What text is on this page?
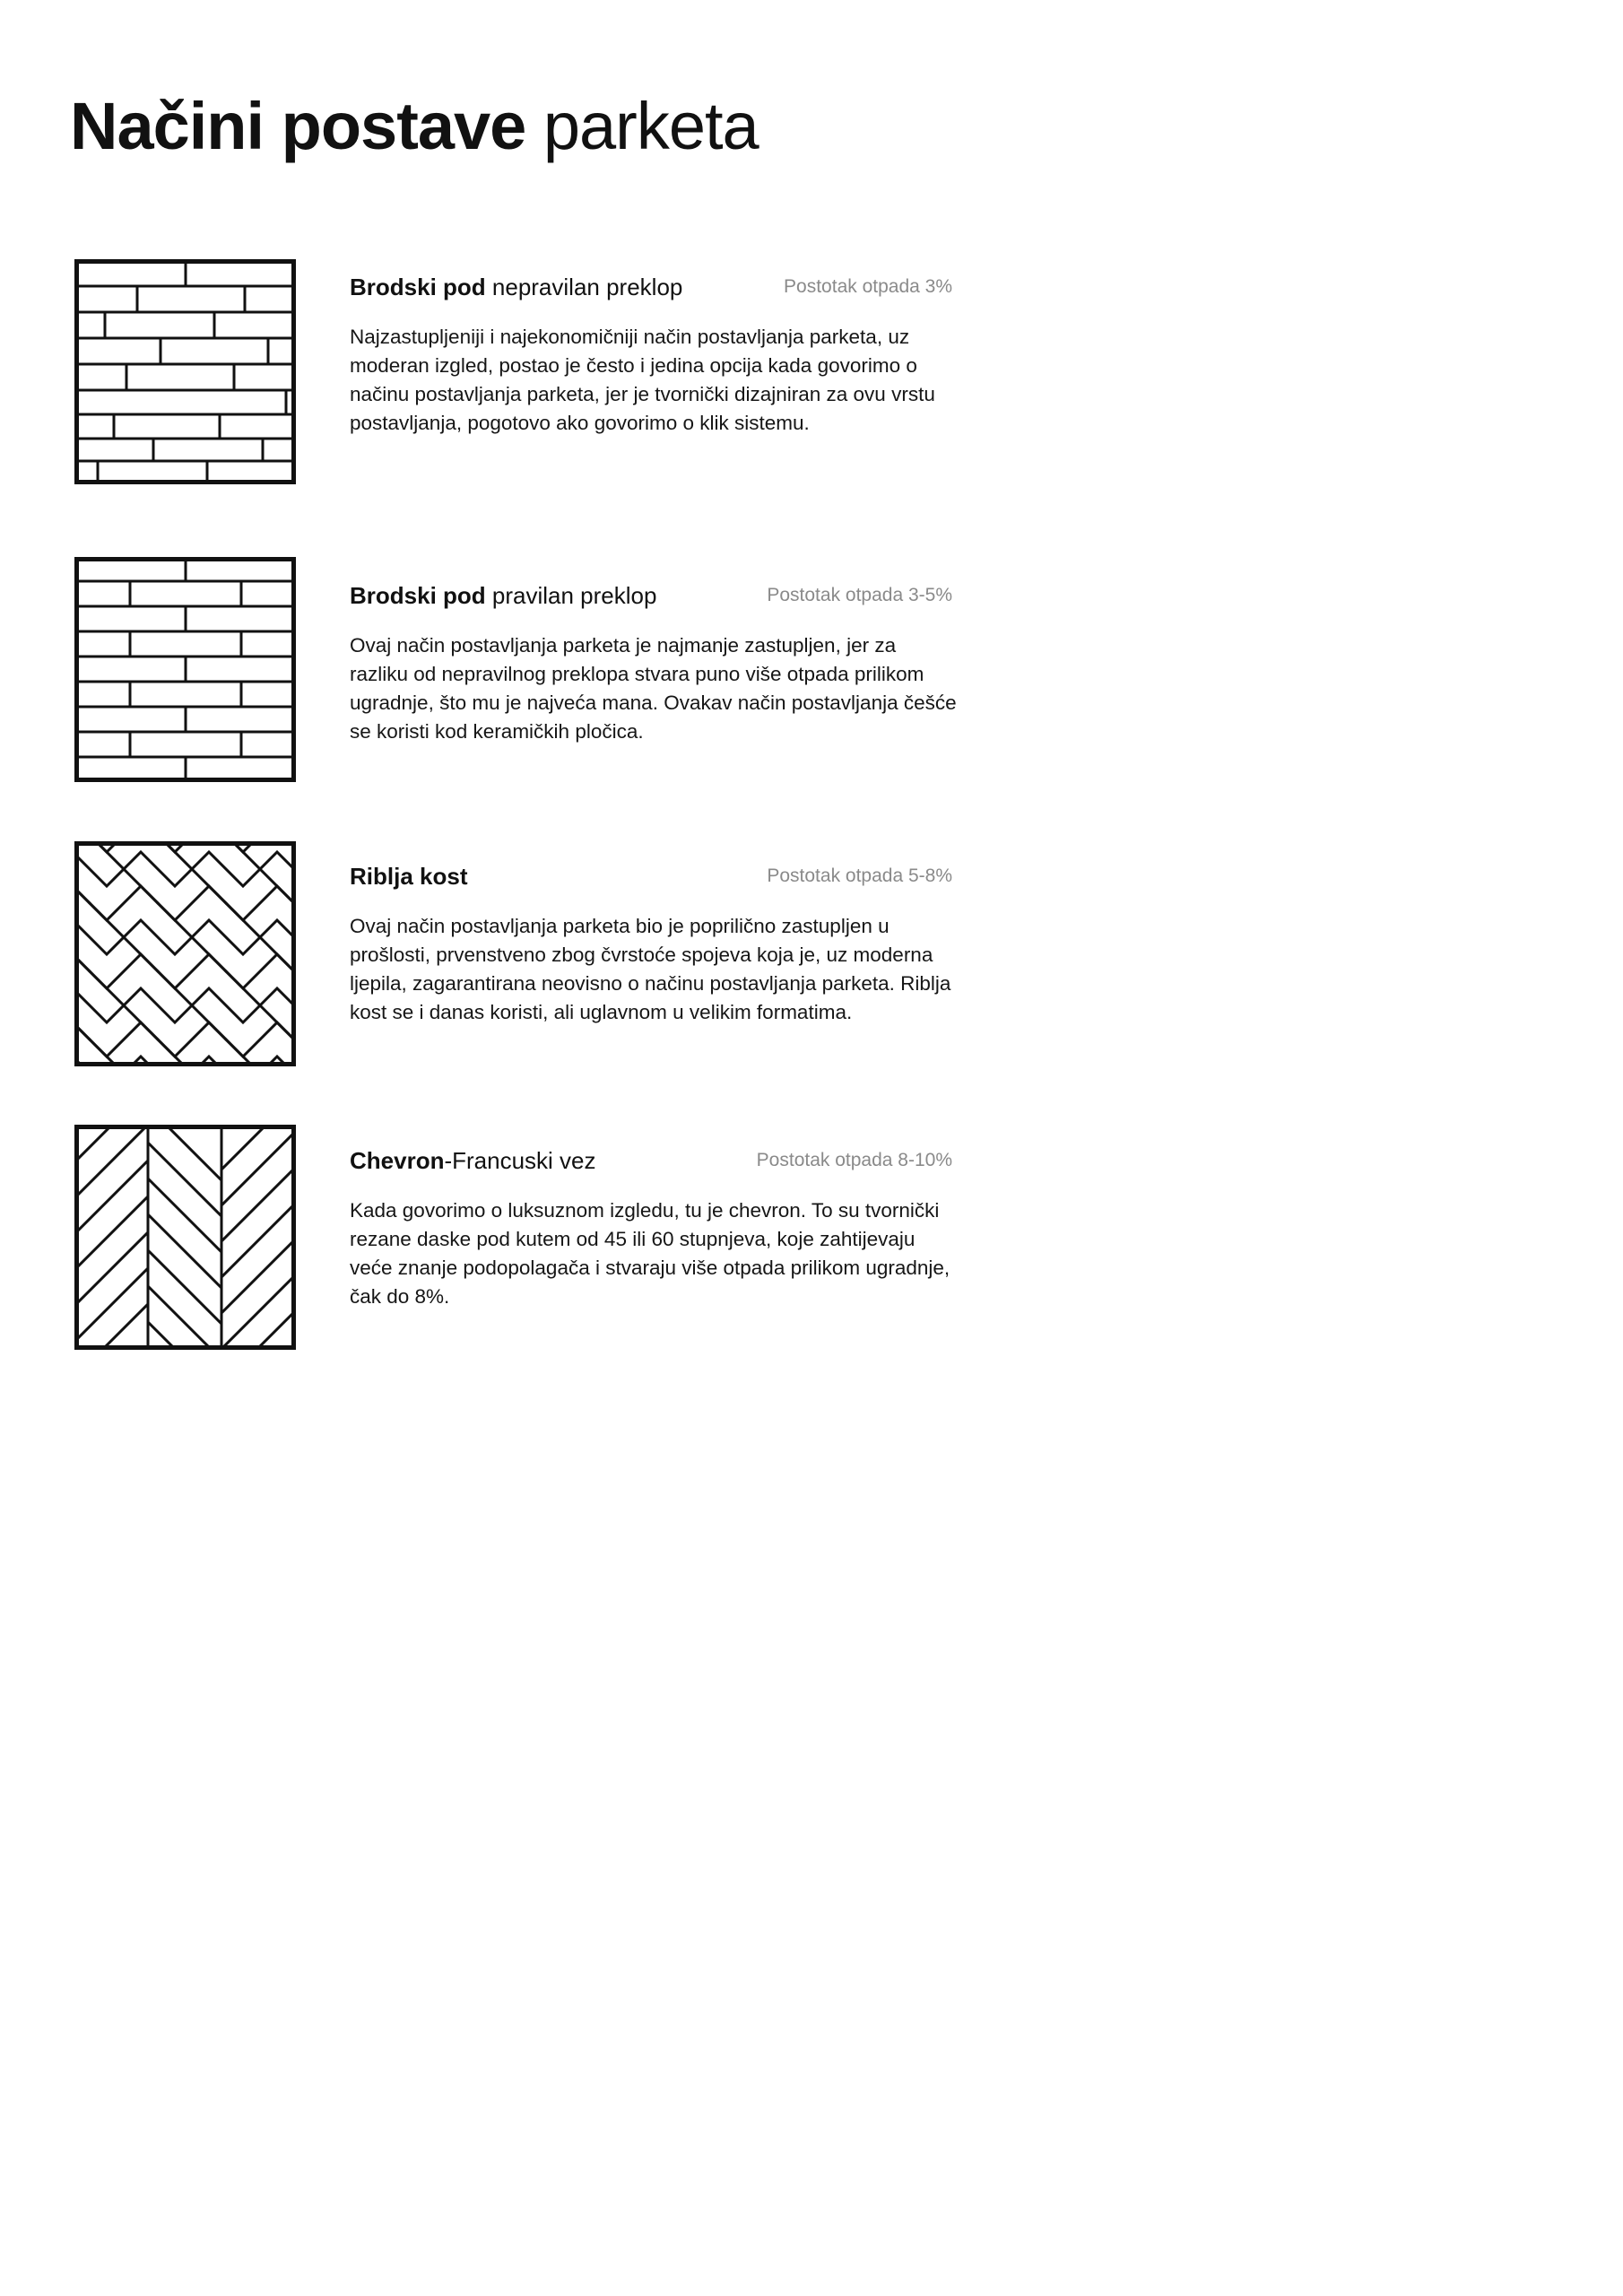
Načini postave parketa
Brodski pod nepravilan preklop	Postotak otpada 3%

Najzastupljeniji i najekonomičniji način postavljanja parketa, uz moderan izgled, postao je često i jedina opcija kada govorimo o načinu postavljanja parketa, jer je tvornički dizajniran za ovu vrstu postavljanja, pogotovo ako govorimo o klik sistemu.

Brodski pod pravilan preklop	Postotak otpada 3-5%

Ovaj način postavljanja parketa je najmanje zastupljen, jer za razliku od nepravilnog preklopa stvara puno više otpada prilikom ugradnje, što mu je najveća mana. Ovakav način postavljanja češće se koristi kod keramičkih pločica.

Riblja kost	Postotak otpada 5-8%

Ovaj način postavljanja parketa bio je poprilično zastupljen u prošlosti, prvenstveno zbog čvrstoće spojeva koja je, uz moderna ljepila, zagarantirana neovisno o načinu postavljanja parketa. Riblja kost se i danas koristi, ali uglavnom u velikim formatima.

Chevron-Francuski vez	Postotak otpada 8-10%

Kada govorimo o luksuznom izgledu, tu je chevron. To su tvornički rezane daske pod kutem od 45 ili 60 stupnjeva, koje zahtijevaju veće znanje podopolagača i stvaraju više otpada prilikom ugradnje, čak do 8%.
